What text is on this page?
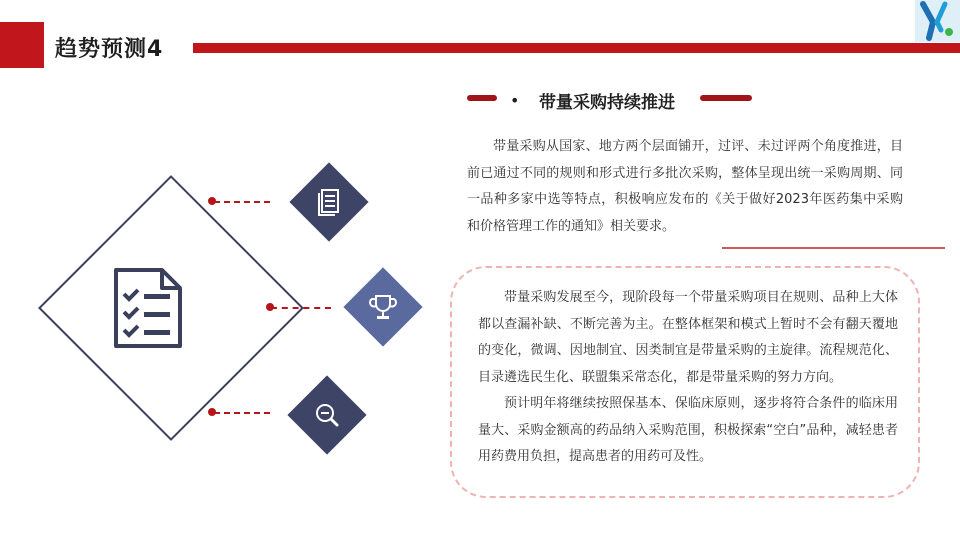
趋势预测4
• 带量采购持续推进

带量采购从国家、地方两个层面铺开，过评、未过评两个角度推进，目前已通过不同的规则和形式进行多批次采购，整体呈现出统一采购周期、同一品种多家中选等特点，积极响应发布的《关于做好2023年医药集中采购和价格管理工作的通知》相关要求。

带量采购发展至今，现阶段每一个带量采购项目在规则、品种上大体都以查漏补缺、不断完善为主。在整体框架和模式上暂时不会有翻天覆地的变化，微调、因地制宜、因类制宜是带量采购的主旋律。流程规范化、目录遴选民生化、联盟集采常态化，都是带量采购的努力方向。

预计明年将继续按照保基本、保临床原则，逐步将符合条件的临床用量大、采购金额高的药品纳入采购范围，积极探索“空白”品种，减轻患者用药费用负担，提高患者的用药可及性。
